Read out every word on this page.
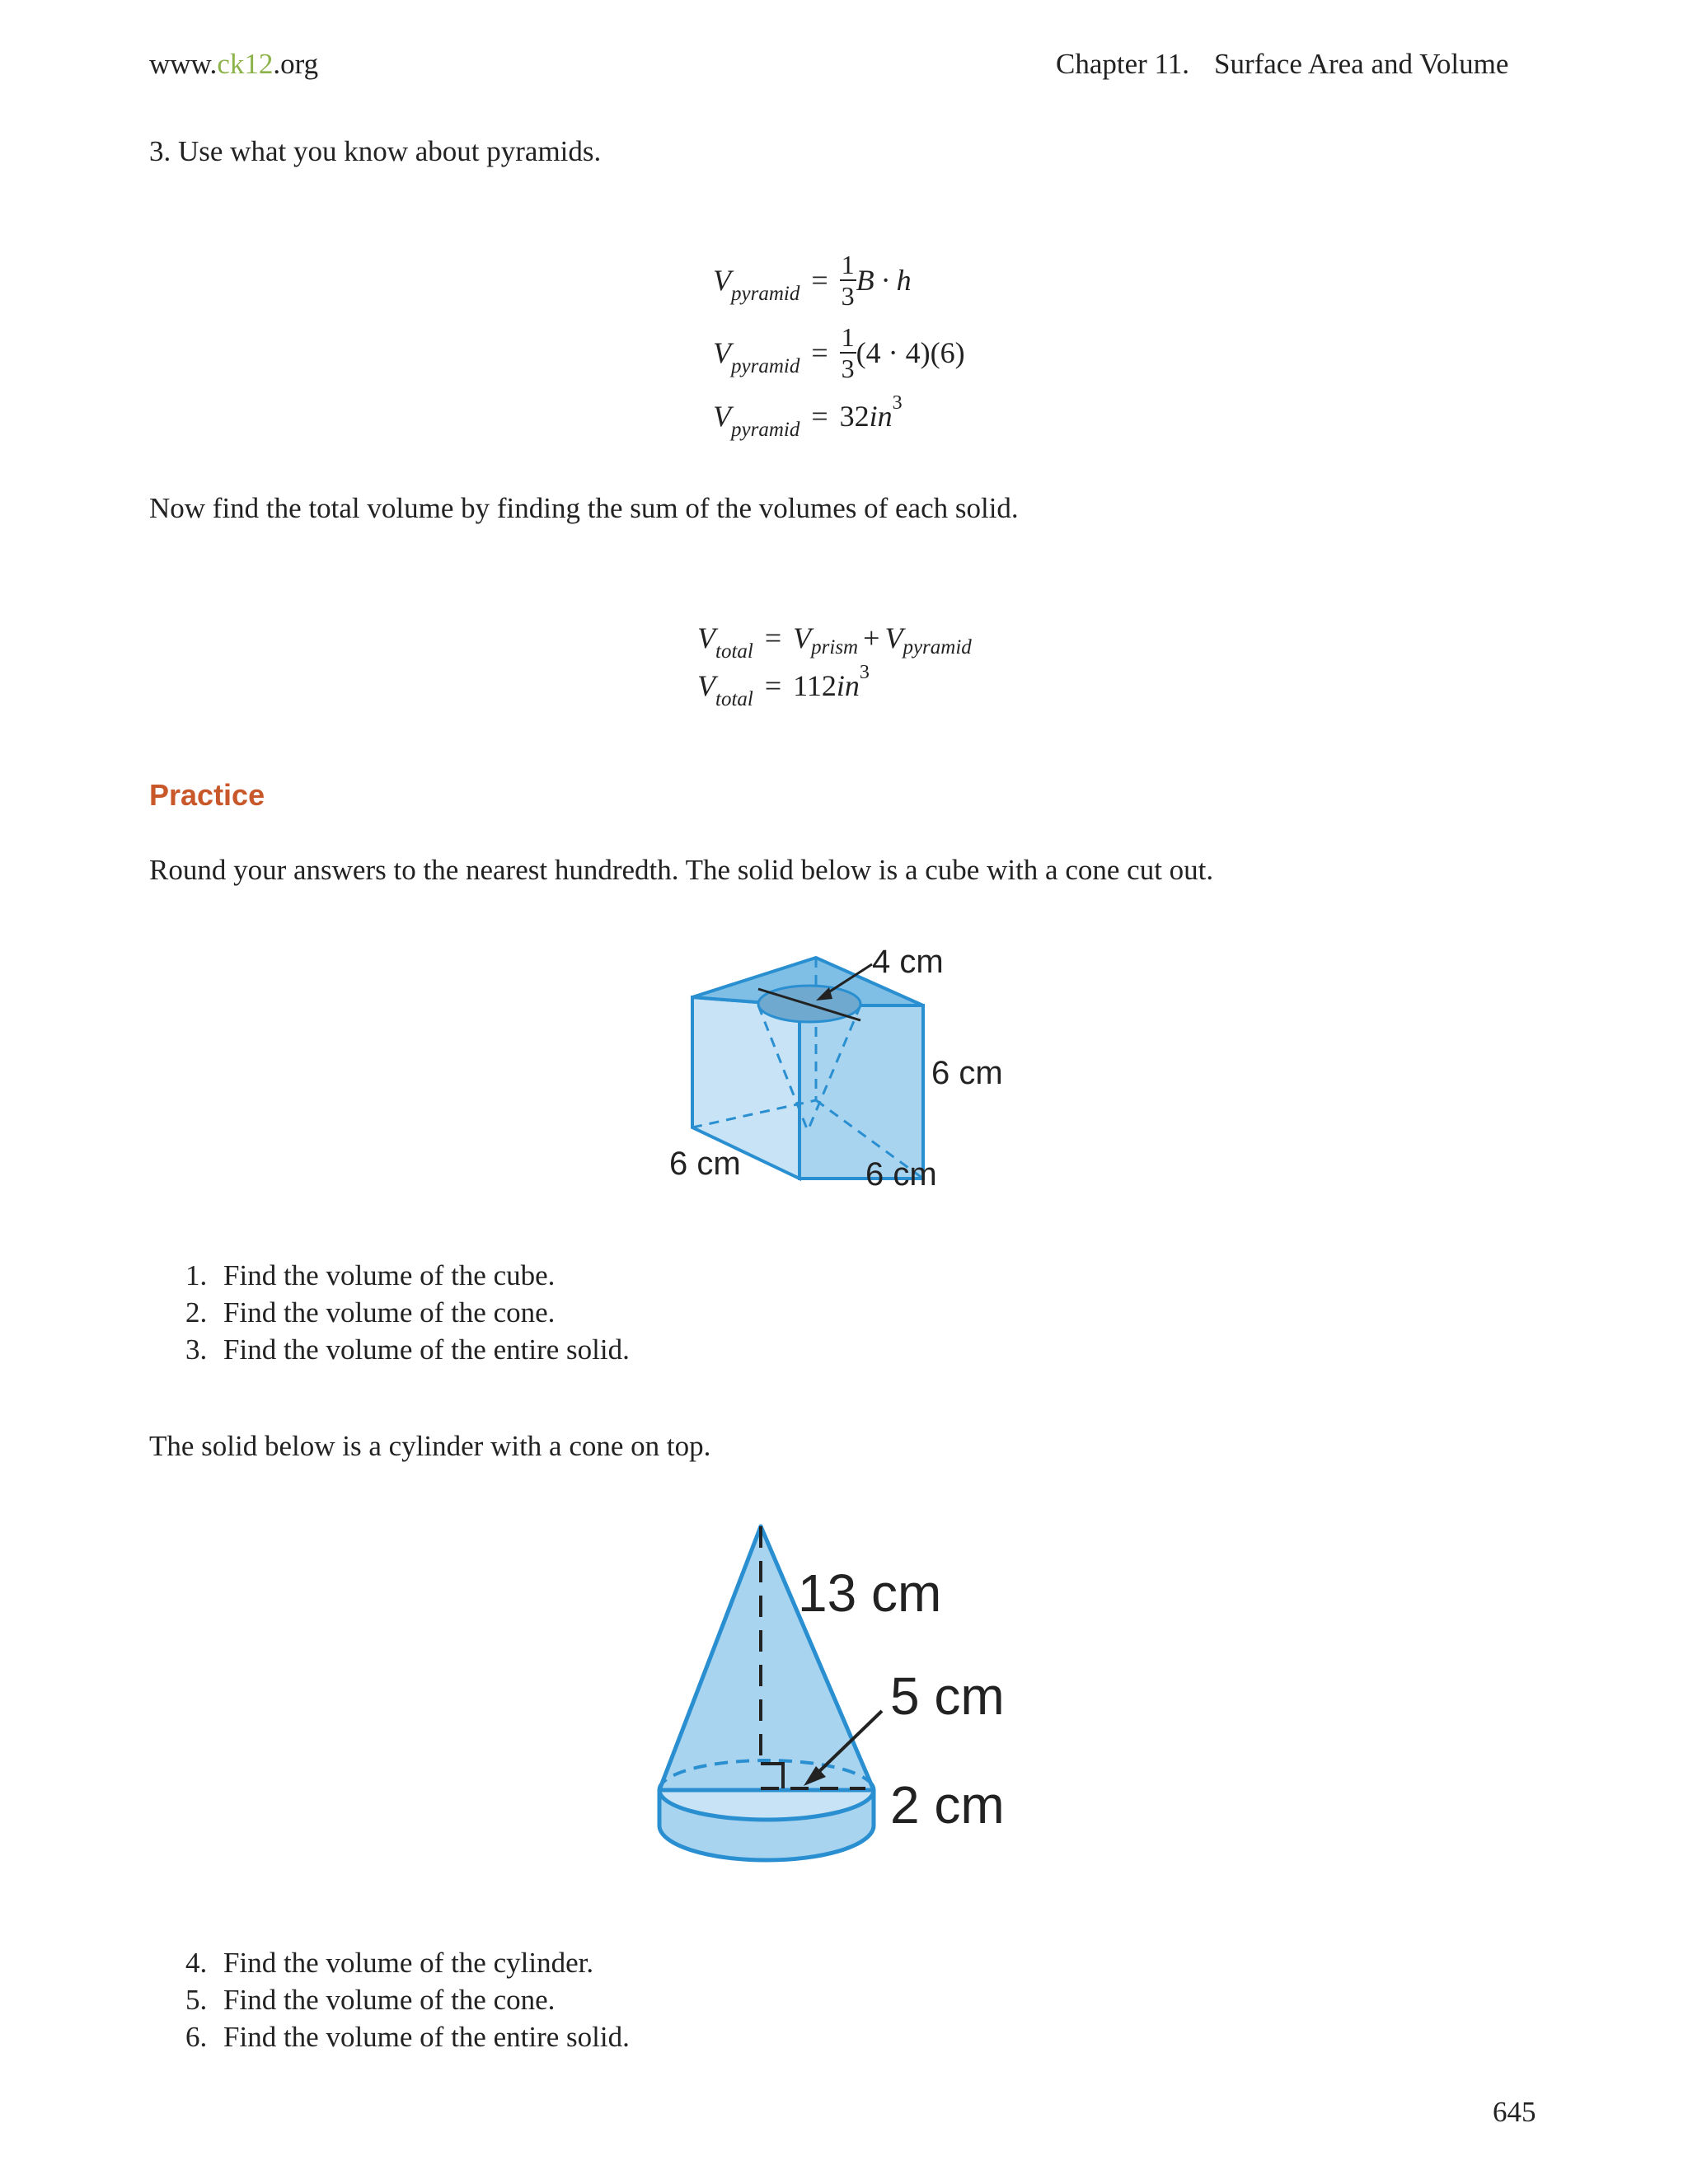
www.ck12.org	Chapter 11. Surface Area and Volume
3. Use what you know about pyramids.
$V_{pyramid} = \frac{1}{3}$ B · h
$V_{pyramid} = \frac{1}{3} (4 \cdot 4)(6)$
$V_{pyramid} = 32$ in 3
Now find the total volume by finding the sum of the volumes of each solid.
$V_{total} = V$ prism + V pyramid
$V_{total} = 112$ in 3
Practice
Round your answers to the nearest hundredth. The solid below is a cube with a cone cut out.
4 cm
6 cm
6 cm	6 cm
1. Find the volume of the cube.
2. Find the volume of the cone.
3. Find the volume of the entire solid.
The solid below is a cylinder with a cone on top.
13 cm
5 cm
2 cm
4. Find the volume of the cylinder.
5. Find the volume of the cone.
6. Find the volume of the entire solid.
645
